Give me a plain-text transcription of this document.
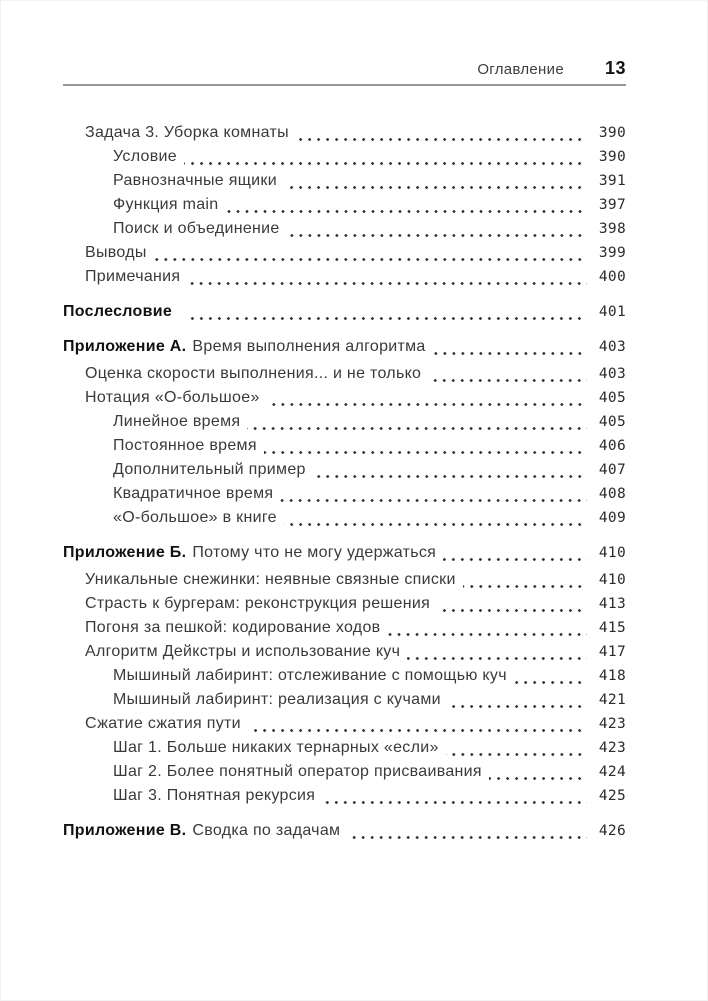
Оглавление 13
Задача 3. Уборка комнаты	390
Условие	390
Равнозначные ящики	391
Функция main	397
Поиск и объединение	398
Выводы	399
Примечания	400
Послесловие	401
Приложение А. Время выполнения алгоритма	403
Оценка скорости выполнения... и не только	403
Нотация «О-большое»	405
Линейное время	405
Постоянное время	406
Дополнительный пример	407
Квадратичное время	408
«О-большое» в книге	409
Приложение Б. Потому что не могу удержаться	410
Уникальные снежинки: неявные связные списки	410
Страсть к бургерам: реконструкция решения	413
Погоня за пешкой: кодирование ходов	415
Алгоритм Дейкстры и использование куч	417
Мышиный лабиринт: отслеживание с помощью куч	418
Мышиный лабиринт: реализация с кучами	421
Сжатие сжатия пути	423
Шаг 1. Больше никаких тернарных «если»	423
Шаг 2. Более понятный оператор присваивания	424
Шаг 3. Понятная рекурсия	425
Приложение В. Сводка по задачам	426
